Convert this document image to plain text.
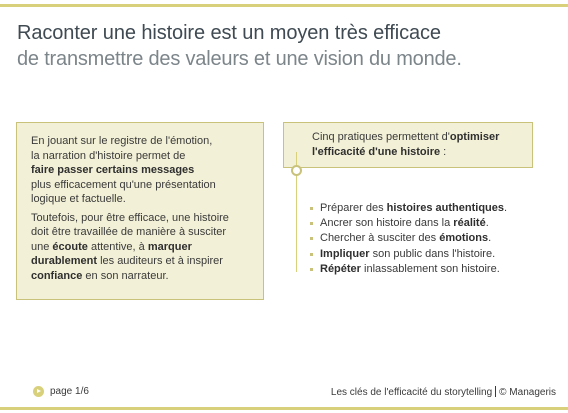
Raconter une histoire est un moyen très efficace
de transmettre des valeurs et une vision du monde.

En jouant sur le registre de l'émotion,
la narration d'histoire permet de
faire passer certains messages
plus efficacement qu'une présentation
logique et factuelle.

Toutefois, pour être efficace, une histoire
doit être travaillée de manière à susciter
une écoute attentive, à marquer
durablement les auditeurs et à inspirer
confiance en son narrateur.

Cinq pratiques permettent d'optimiser
l'efficacité d'une histoire :
Préparer des histoires authentiques.
Ancrer son histoire dans la réalité.
Chercher à susciter des émotions.
Impliquer son public dans l'histoire.
Répéter inlassablement son histoire.
page 1/6	Les clés de l'efficacité du storytelling © Manageris
